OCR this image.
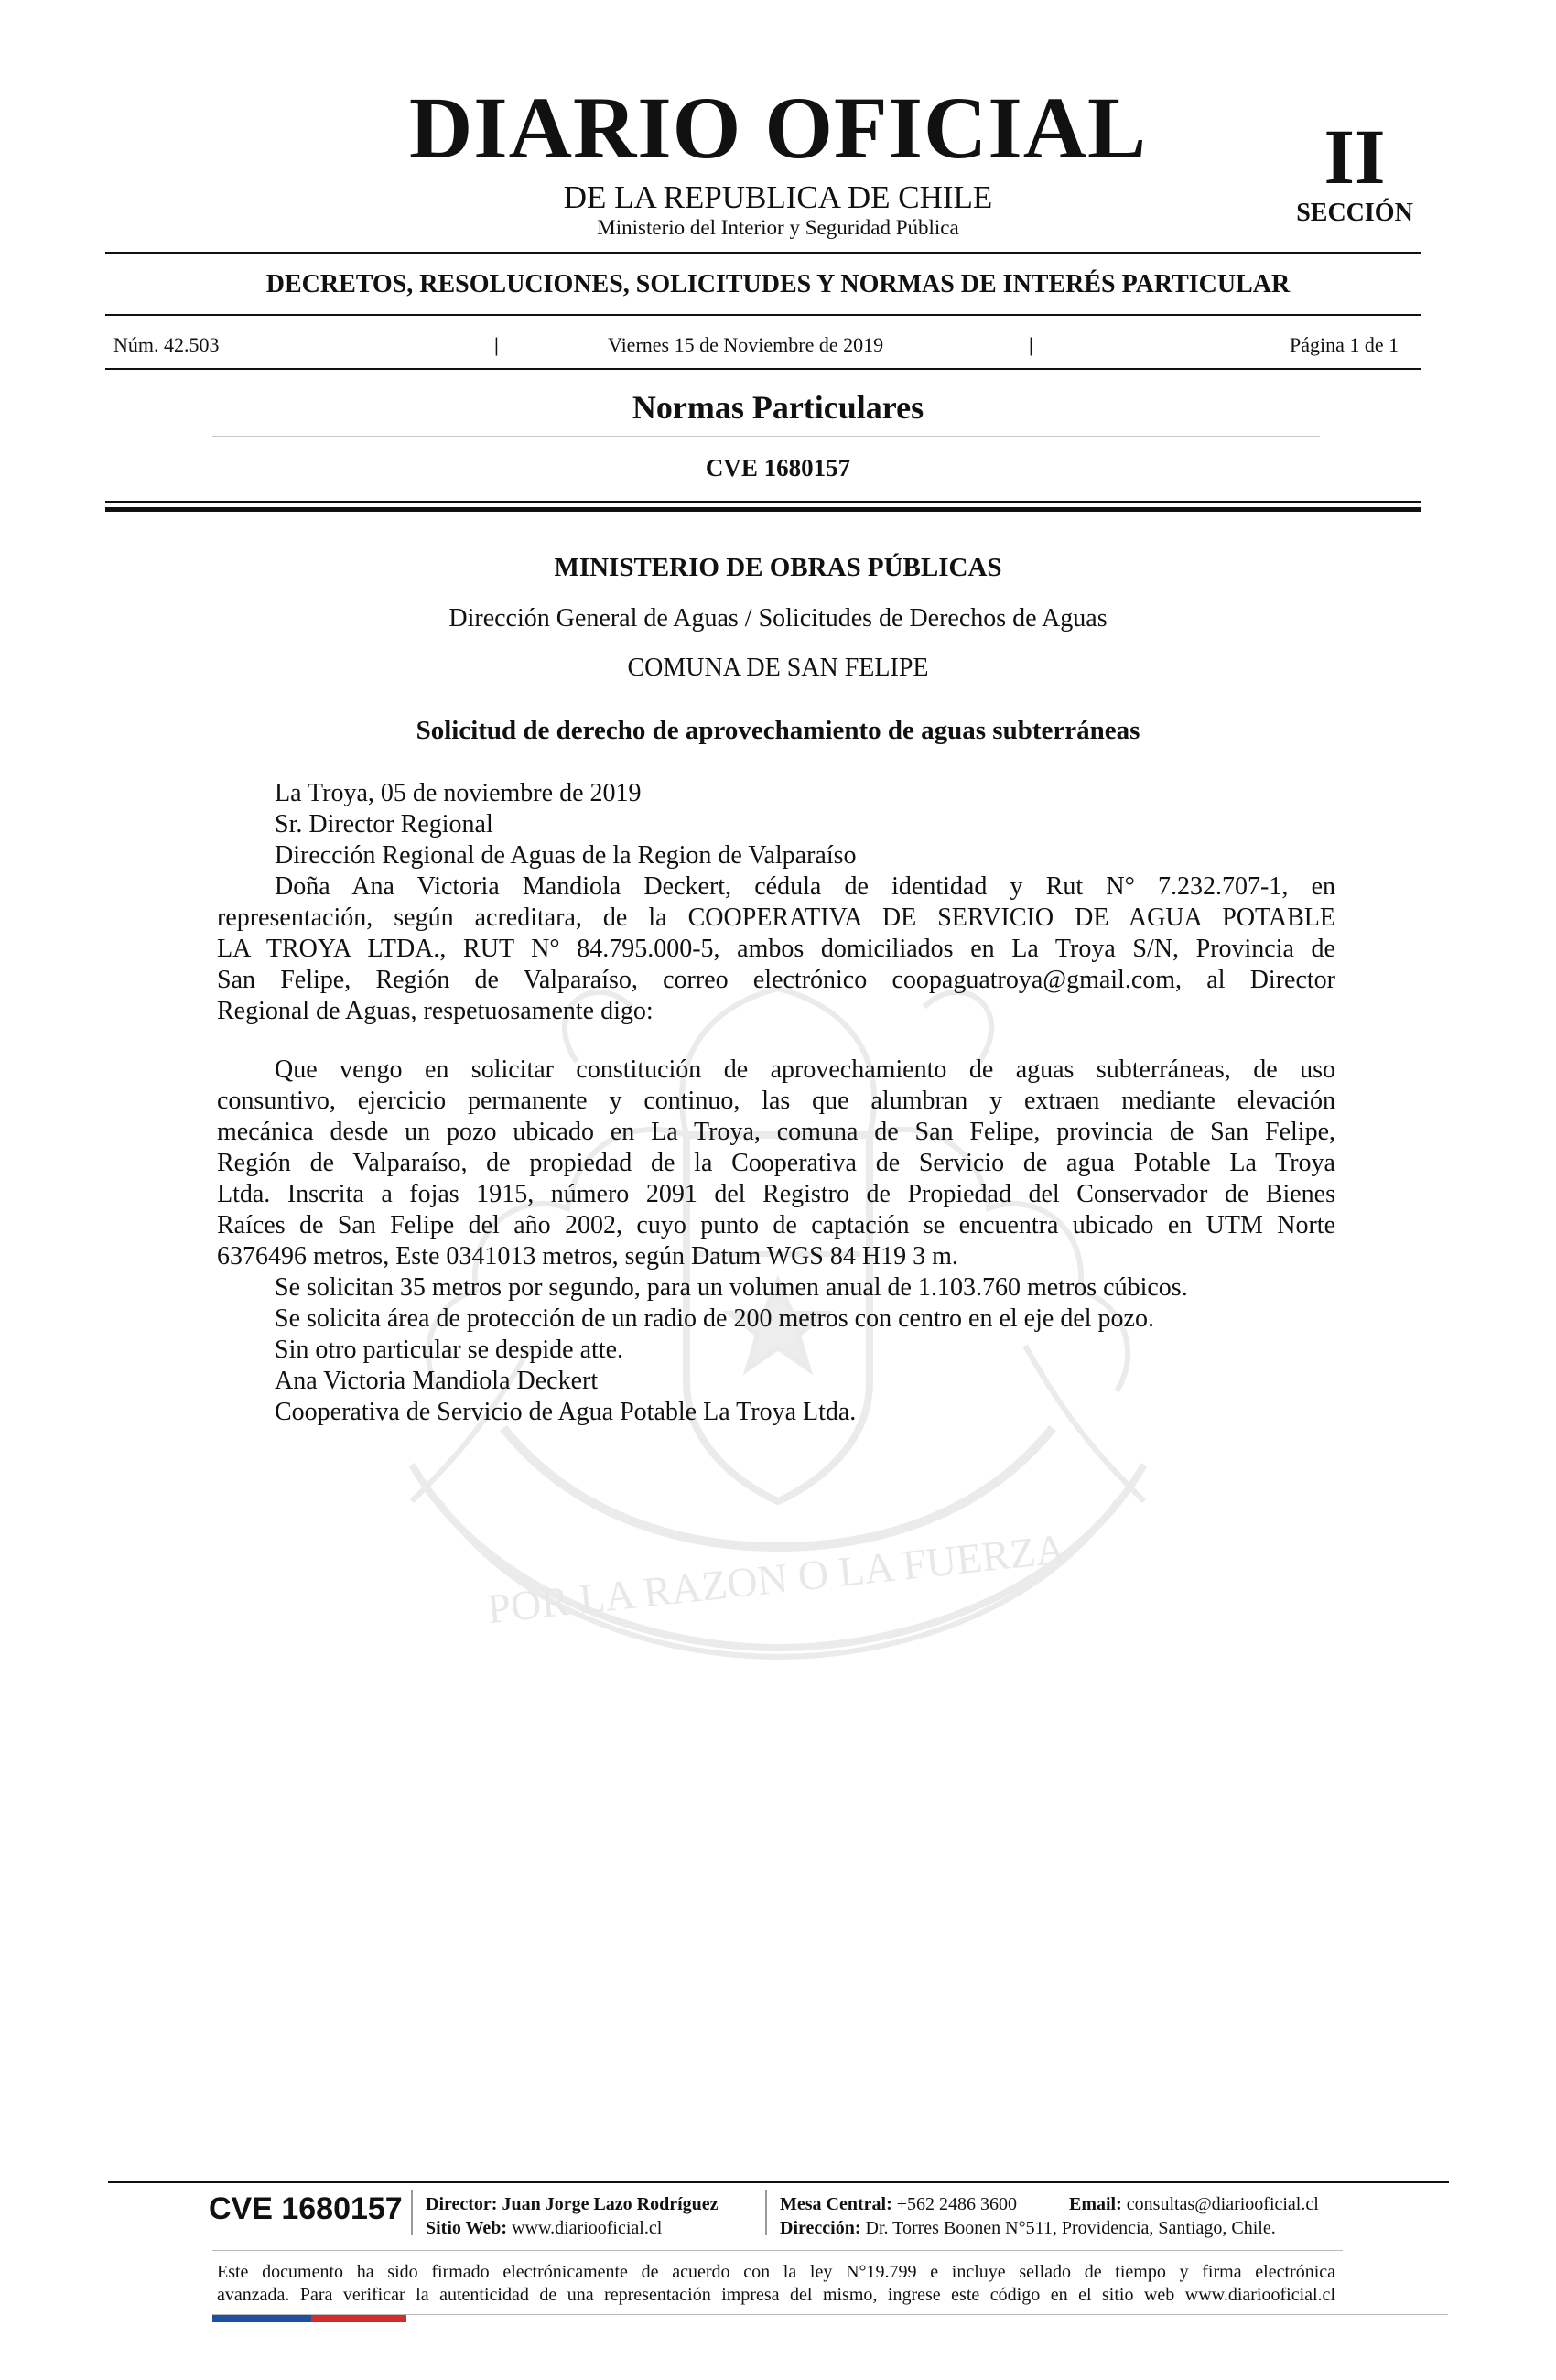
POR LA RAZON O LA FUERZA
DIARIO OFICIAL
DE LA REPUBLICA DE CHILE
Ministerio del Interior y Seguridad Pública
II
SECCIÓN
DECRETOS, RESOLUCIONES, SOLICITUDES Y NORMAS DE INTERÉS PARTICULAR
Núm. 42.503	|	Viernes 15 de Noviembre de 2019	|	Página 1 de 1
Normas Particulares
CVE 1680157
MINISTERIO DE OBRAS PÚBLICAS
Dirección General de Aguas / Solicitudes de Derechos de Aguas
COMUNA DE SAN FELIPE
Solicitud de derecho de aprovechamiento de aguas subterráneas
La Troya, 05 de noviembre de 2019
Sr. Director Regional
Dirección Regional de Aguas de la Region de Valparaíso
Doña Ana Victoria Mandiola Deckert, cédula de identidad y Rut N° 7.232.707-1, en
representación, según acreditara, de la COOPERATIVA DE SERVICIO DE AGUA POTABLE
LA TROYA LTDA., RUT N° 84.795.000-5, ambos domiciliados en La Troya S/N, Provincia de
San Felipe, Región de Valparaíso, correo electrónico coopaguatroya@gmail.com, al Director
Regional de Aguas, respetuosamente digo:
Que vengo en solicitar constitución de aprovechamiento de aguas subterráneas, de uso
consuntivo, ejercicio permanente y continuo, las que alumbran y extraen mediante elevación
mecánica desde un pozo ubicado en La Troya, comuna de San Felipe, provincia de San Felipe,
Región de Valparaíso, de propiedad de la Cooperativa de Servicio de agua Potable La Troya
Ltda. Inscrita a fojas 1915, número 2091 del Registro de Propiedad del Conservador de Bienes
Raíces de San Felipe del año 2002, cuyo punto de captación se encuentra ubicado en UTM Norte
6376496 metros, Este 0341013 metros, según Datum WGS 84 H19 3 m.
Se solicitan 35 metros por segundo, para un volumen anual de 1.103.760 metros cúbicos.
Se solicita área de protección de un radio de 200 metros con centro en el eje del pozo.
Sin otro particular se despide atte.
Ana Victoria Mandiola Deckert
Cooperativa de Servicio de Agua Potable La Troya Ltda.
CVE 1680157 Director: Juan Jorge Lazo Rodríguez
Sitio Web: www.diariooficial.cl
Mesa Central: +562 2486 3600	Email: consultas@diariooficial.cl
Dirección: Dr. Torres Boonen N°511, Providencia, Santiago, Chile.
Este documento ha sido firmado electrónicamente de acuerdo con la ley N°19.799 e incluye sellado de tiempo y firma electrónica
avanzada. Para verificar la autenticidad de una representación impresa del mismo, ingrese este código en el sitio web www.diariooficial.cl
